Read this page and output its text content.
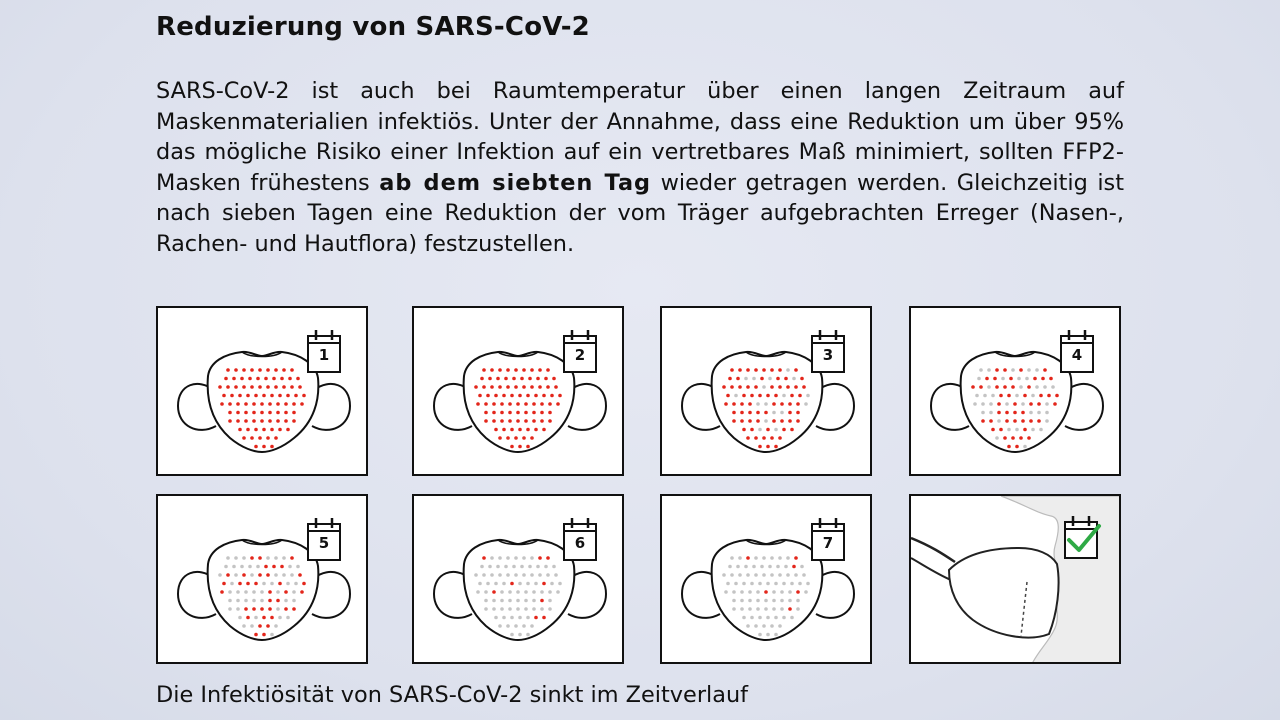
Reduzierung von SARS-CoV-2
SARS-CoV-2 ist auch bei Raumtemperatur über einen langen Zeitraum auf Maskenmaterialien infektiös. Unter der Annahme, dass eine Reduktion um über 95% das mögliche Risiko einer Infektion auf ein vertretbares Maß minimiert, sollten FFP2-Masken frühestens ab dem siebten Tag wieder getragen werden. Gleichzeitig ist nach sieben Tagen eine Reduktion der vom Träger aufgebrachten Erreger (Nasen-, Rachen- und Hautflora) festzustellen.
1	2	3	4
5	6	7
Die Infektiösität von SARS-CoV-2 sinkt im Zeitverlauf
